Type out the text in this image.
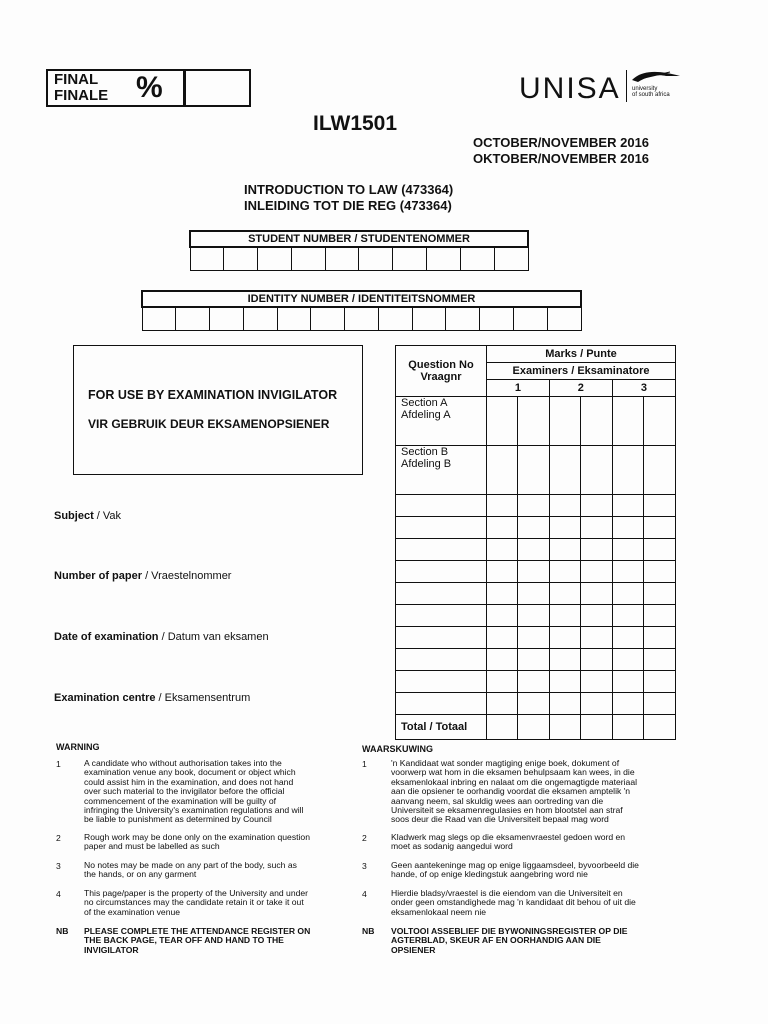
FINAL
FINALE %	UNISA university
of south africa
ILW1501
OCTOBER/NOVEMBER 2016
OKTOBER/NOVEMBER 2016
INTRODUCTION TO LAW (473364)
INLEIDING TOT DIE REG (473364)
STUDENT NUMBER / STUDENTENOMMER

IDENTITY NUMBER / IDENTITEITSNOMMER

FOR USE BY EXAMINATION INVIGILATOR
VIR GEBRUIK DEUR EKSAMENOPSIENER
Question No
Vraagnr	Marks / Punte					
	Examiners / Eksaminatore					
	1		2		3	

Section A
Afdeling A						

Section B
Afdeling B						

Total / Totaal						

Subject / Vak
Number of paper / Vraestelnommer
Date of examination / Datum van eksamen
Examination centre / Eksamensentrum
WARNING
1	A candidate who without authorisation takes into the
examination venue any book, document or object which
could assist him in the examination, and does not hand
over such material to the invigilator before the official
commencement of the examination will be guilty of
infringing the University's examination regulations and will
be liable to punishment as determined by Council
2	Rough work may be done only on the examination question
paper and must be labelled as such
3	No notes may be made on any part of the body, such as
the hands, or on any garment
4	This page/paper is the property of the University and under
no circumstances may the candidate retain it or take it out
of the examination venue
NB PLEASE COMPLETE THE ATTENDANCE REGISTER ON
THE BACK PAGE, TEAR OFF AND HAND TO THE
INVIGILATOR
WAARSKUWING
1	'n Kandidaat wat sonder magtiging enige boek, dokument of
voorwerp wat hom in die eksamen behulpsaam kan wees, in die
eksamenlokaal inbring en nalaat om die ongemagtigde materiaal
aan die opsiener te oorhandig voordat die eksamen amptelik 'n
aanvang neem, sal skuldig wees aan oortreding van die
Universiteit se eksamenregulasies en hom blootstel aan straf
soos deur die Raad van die Universiteit bepaal mag word
2	Kladwerk mag slegs op die eksamenvraestel gedoen word en
moet as sodanig aangedui word
3	Geen aantekeninge mag op enige liggaamsdeel, byvoorbeeld die
hande, of op enige kledingstuk aangebring word nie
4	Hierdie bladsy/vraestel is die eiendom van die Universiteit en
onder geen omstandighede mag 'n kandidaat dit behou of uit die
eksamenlokaal neem nie
NB VOLTOOI ASSEBLIEF DIE BYWONINGSREGISTER OP DIE
AGTERBLAD, SKEUR AF EN OORHANDIG AAN DIE
OPSIENER
